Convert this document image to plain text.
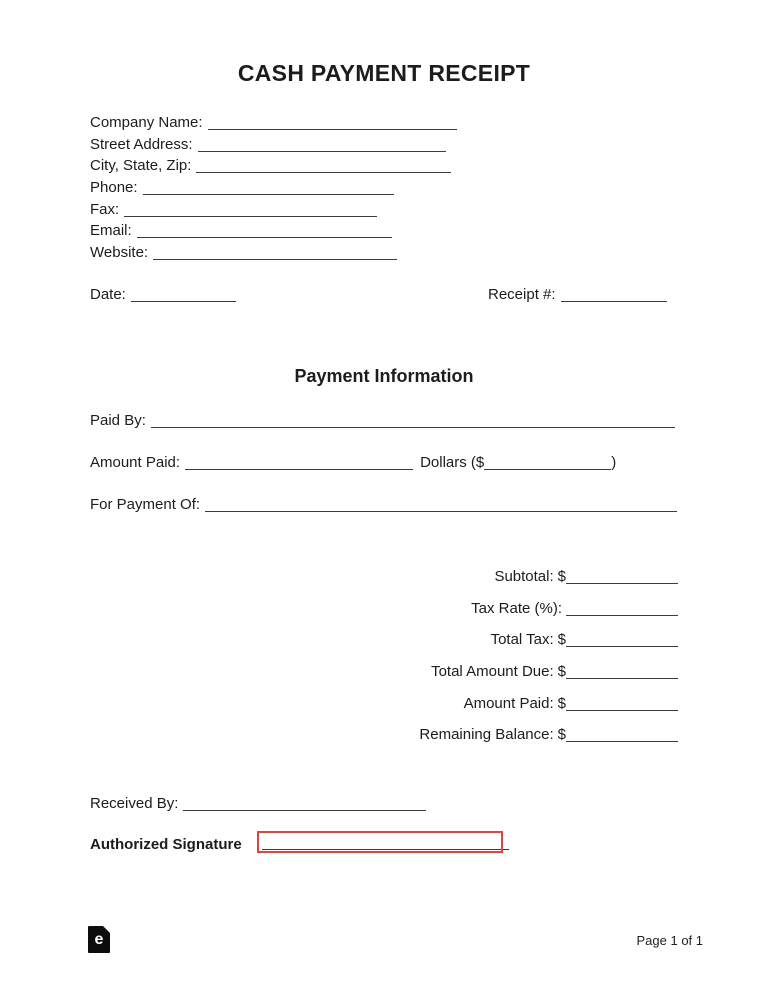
CASH PAYMENT RECEIPT
Company Name:
Street Address:
City, State, Zip:
Phone:
Fax:
Email:
Website:
Date:	Receipt #:
Payment Information
Paid By:
Amount Paid:	Dollars ($	)
For Payment Of:
Subtotal: $
Tax Rate (%):
Total Tax: $
Total Amount Due: $
Amount Paid: $
Remaining Balance: $
Received By:
Authorized Signature
e	Page 1 of 1
